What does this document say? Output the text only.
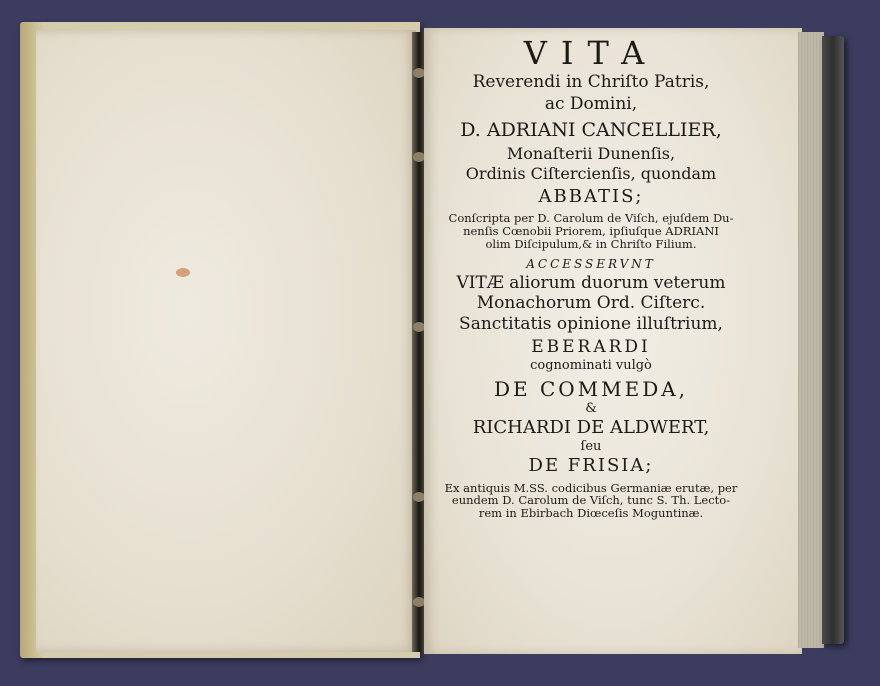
VITA
Reverendi in Chriſto Patris,
ac Domini,
D. ADRIANI CANCELLIER,
Monaſterii Dunenſis,
Ordinis Ciſtercienſis, quondam
ABBATIS;
Conſcripta per D. Carolum de Viſch, ejuſdem Du-
nenſis Cœnobii Priorem, ipſiuſque ADRIANI
olim Diſcipulum,& in Chriſto Filium.
ACCESSERVNT
VITÆ aliorum duorum veterum
Monachorum Ord. Ciſterc.
Sanctitatis opinione illuſtrium,
EBERARDI
cognominati vulgò
DE COMMEDA,
&
RICHARDI DE ALDWERT,
ſeu
DE FRISIA;
Ex antiquis M.SS. codicibus Germaniæ erutæ, per
eundem D. Carolum de Viſch, tunc S. Th. Lecto-
rem in Ebirbach Diœceſis Moguntinæ.
